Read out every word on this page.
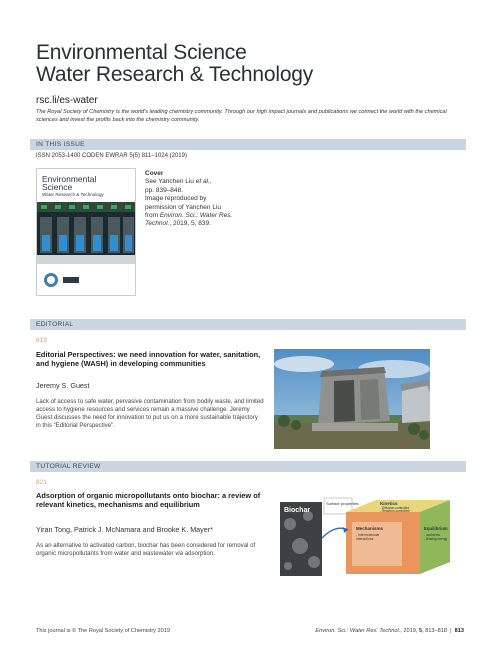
Environmental Science
Water Research & Technology
rsc.li/es-water
The Royal Society of Chemistry is the world's leading chemistry community. Through our high impact journals and publications we connect the world with the chemical sciences and invest the profits back into the chemistry community.
IN THIS ISSUE
ISSN 2053-1400 CODEN EWRAR 5(5) 811–1024 (2019)
Environmental
Science
Water Research & Technology
Cover
See Yanchen Liu et al.,
pp. 839–848.
Image reproduced by
permission of Yanchen Liu
from Environ. Sci.: Water Res.
Technol., 2019, 5, 839.
EDITORIAL
819
Editorial Perspectives: we need innovation for water, sanitation, and hygiene (WASH) in developing communities
Jeremy S. Guest
Lack of access to safe water, pervasive contamination from bodily waste, and limited access to hygiene resources and services remain a massive challenge. Jeremy Guest discusses the need for innovation to put us on a more sustainable trajectory in this “Editorial Perspective”.
TUTORIAL REVIEW
821
Adsorption of organic micropollutants onto biochar: a review of relevant kinetics, mechanisms and equilibrium
Yiran Tong, Patrick J. McNamara and Brooke K. Mayer*
As an alternative to activated carbon, biochar has been considered for removal of organic micropollutants from water and wastewater via adsorption.
Biochar
Surface properties	Kinetics
- Diffusion-controlled
- Reaction-controlled
Mechanisms
- Intermolecular
interactions
Equilibrium
- Isotherms
- Binding energy
This journal is © The Royal Society of Chemistry 2019	Environ. Sci.: Water Res. Technol., 2019, 5, 813–818 | 813
